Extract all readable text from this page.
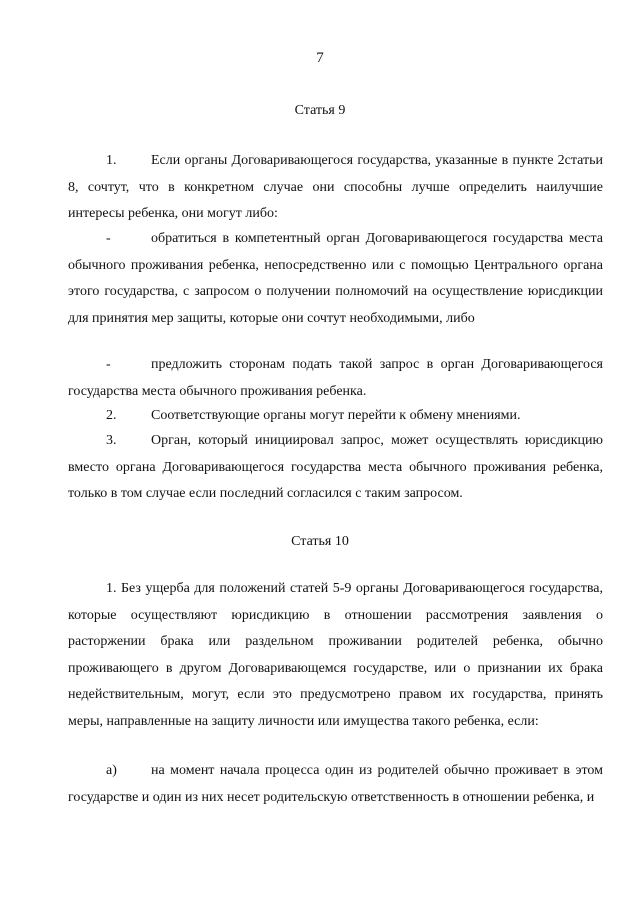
7
Статья 9
1. Если органы Договаривающегося государства, указанные в пункте 2статьи 8, сочтут, что в конкретном случае они способны лучше определить наилучшие интересы ребенка, они могут либо:
-	обратиться в компетентный орган Договаривающегося государства места обычного проживания ребенка, непосредственно или с помощью Центрального органа этого государства, с запросом о получении полномочий на осуществление юрисдикции для принятия мер защиты, которые они сочтут необходимыми, либо
-	предложить сторонам подать такой запрос в орган Договаривающегося государства места обычного проживания ребенка.
2. Соответствующие органы могут перейти к обмену мнениями.
3. Орган, который инициировал запрос, может осуществлять юрисдикцию вместо органа Договаривающегося государства места обычного проживания ребенка, только в том случае если последний согласился с таким запросом.
Статья 10
1. Без ущерба для положений статей 5-9 органы Договаривающегося государства, которые осуществляют юрисдикцию в отношении рассмотрения заявления о расторжении брака или раздельном проживании родителей ребенка, обычно проживающего в другом Договаривающемся государстве, или о признании их брака недействительным, могут, если это предусмотрено правом их государства, принять меры, направленные на защиту личности или имущества такого ребенка, если:
а) на момент начала процесса один из родителей обычно проживает в этом государстве и один из них несет родительскую ответственность в отношении ребенка, и
